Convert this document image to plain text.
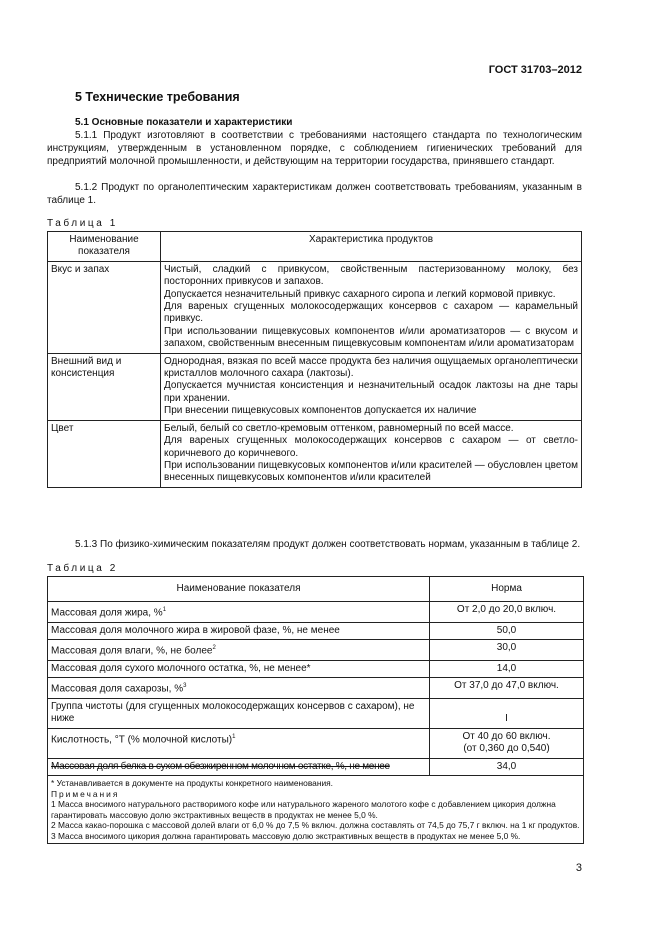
ГОСТ 31703–2012
5 Технические требования
5.1 Основные показатели и характеристики

5.1.1 Продукт изготовляют в соответствии с требованиями настоящего стандарта по технологическим инструкциям, утвержденным в установленном порядке, с соблюдением гигиенических требований для предприятий молочной промышленности, и действующим на территории государства, принявшего стандарт.

5.1.2 Продукт по органолептическим характеристикам должен соответствовать требованиям, указанным в таблице 1.

Таблица 1
Наименование показателя	Характеристика продуктов
Вкус и запах	Чистый, сладкий с привкусом, свойственным пастеризованному молоку, без посторонних привкусов и запахов.

Допускается незначительный привкус сахарного сиропа и легкий кормовой привкус.

Для вареных сгущенных молокосодержащих консервов с сахаром — карамельный привкус.

При использовании пищевкусовых компонентов и/или ароматизаторов — с вкусом и запахом, свойственным внесенным пищевкусовым компонентам и/или ароматизаторам

Внешний вид и консистенция	Однородная, вязкая по всей массе продукта без наличия ощущаемых органолептически кристаллов молочного сахара (лактозы).

Допускается мучнистая консистенция и незначительный осадок лактозы на дне тары при хранении.

При внесении пищевкусовых компонентов допускается их наличие

Цвет	Белый, белый со светло-кремовым оттенком, равномерный по всей массе.

Для вареных сгущенных молокосодержащих консервов с сахаром — от светло-коричневого до коричневого.

При использовании пищевкусовых компонентов и/или красителей — обусловлен цветом внесенных пищевкусовых компонентов и/или красителей

5.1.3 По физико-химическим показателям продукт должен соответствовать нормам, указанным в таблице 2.

Таблица 2
Наименование показателя	Норма
Массовая доля жира, %$^1$	От 2,0 до 20,0 включ.
Массовая доля молочного жира в жировой фазе, %, не менее	50,0
Массовая доля влаги, %, не более$^2$	30,0
Массовая доля сухого молочного остатка, %, не менее*	14,0
Массовая доля сахарозы, %$^3$	От 37,0 до 47,0 включ.
Группа чистоты (для сгущенных молокосодержащих консервов с сахаром), не ниже	I
Кислотность, °Т (% молочной кислоты)$^1$	От 40 до 60 включ.
(от 0,360 до 0,540)

Массовая доля белка в сухом обезжиренном молочном остатке, %, не менее	34,0

* Устанавливается в документе на продукты конкретного наименования.
Примечания
1 Масса вносимого натурального растворимого кофе или натурального жареного молотого кофе с добавлением цикория должна гарантировать массовую долю экстрактивных веществ в продуктах не менее 5,0 %.
2 Масса какао-порошка с массовой долей влаги от 6,0 % до 7,5 % включ. должна составлять от 74,5 до 75,7 г включ. на 1 кг продуктов.
3 Масса вносимого цикория должна гарантировать массовую долю экстрактивных веществ в продуктах не менее 5,0 %.	
3
